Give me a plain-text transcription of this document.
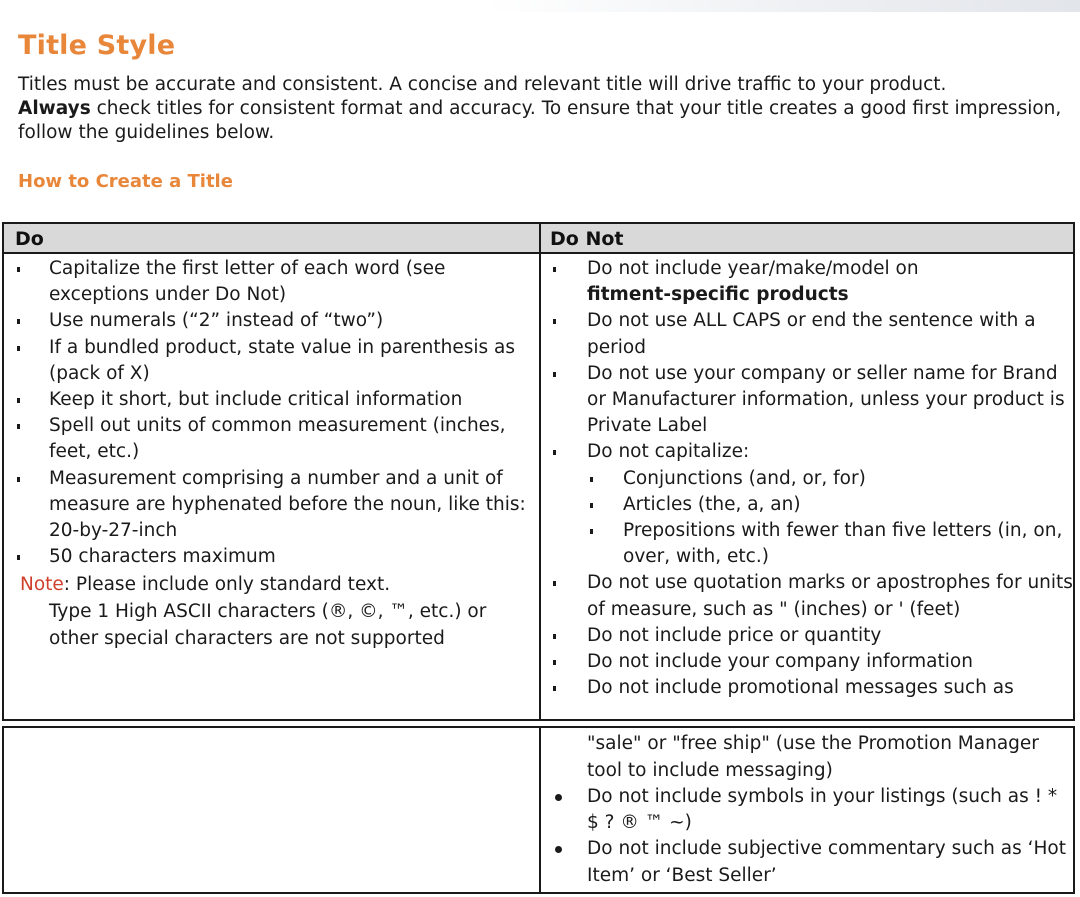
Title Style

Titles must be accurate and consistent. A concise and relevant title will drive traffic to your product.
Always check titles for consistent format and accuracy. To ensure that your title creates a good first impression, follow the guidelines below.

How to Create a Title
Do	Do Not
Capitalize the first letter of each word (see exceptions under Do Not)
Use numerals (“2” instead of “two”)
If a bundled product, state value in parenthesis as (pack of X)
Keep it short, but include critical information
Spell out units of common measurement (inches, feet, etc.)
Measurement comprising a number and a unit of measure are hyphenated before the noun, like this: 20-by-27-inch
50 characters maximum
Note: Please include only standard text.
Type 1 High ASCII characters (®, ©, ™, etc.) or other special characters are not supported
Do not include year/make/model on
fitment-specific products
Do not use ALL CAPS or end the sentence with a period
Do not use your company or seller name for Brand or Manufacturer information, unless your product is Private Label
Do not capitalize:
Conjunctions (and, or, for)
Articles (the, a, an)
Prepositions with fewer than five letters (in, on, over, with, etc.)
Do not use quotation marks or apostrophes for units of measure, such as " (inches) or ' (feet)
Do not include price or quantity
Do not include your company information
Do not include promotional messages such as
"sale" or "free ship" (use the Promotion Manager tool to include messaging)
Do not include symbols in your listings (such as ! * $ ? ® ™ ~)
Do not include subjective commentary such as ‘Hot Item’ or ‘Best Seller’
